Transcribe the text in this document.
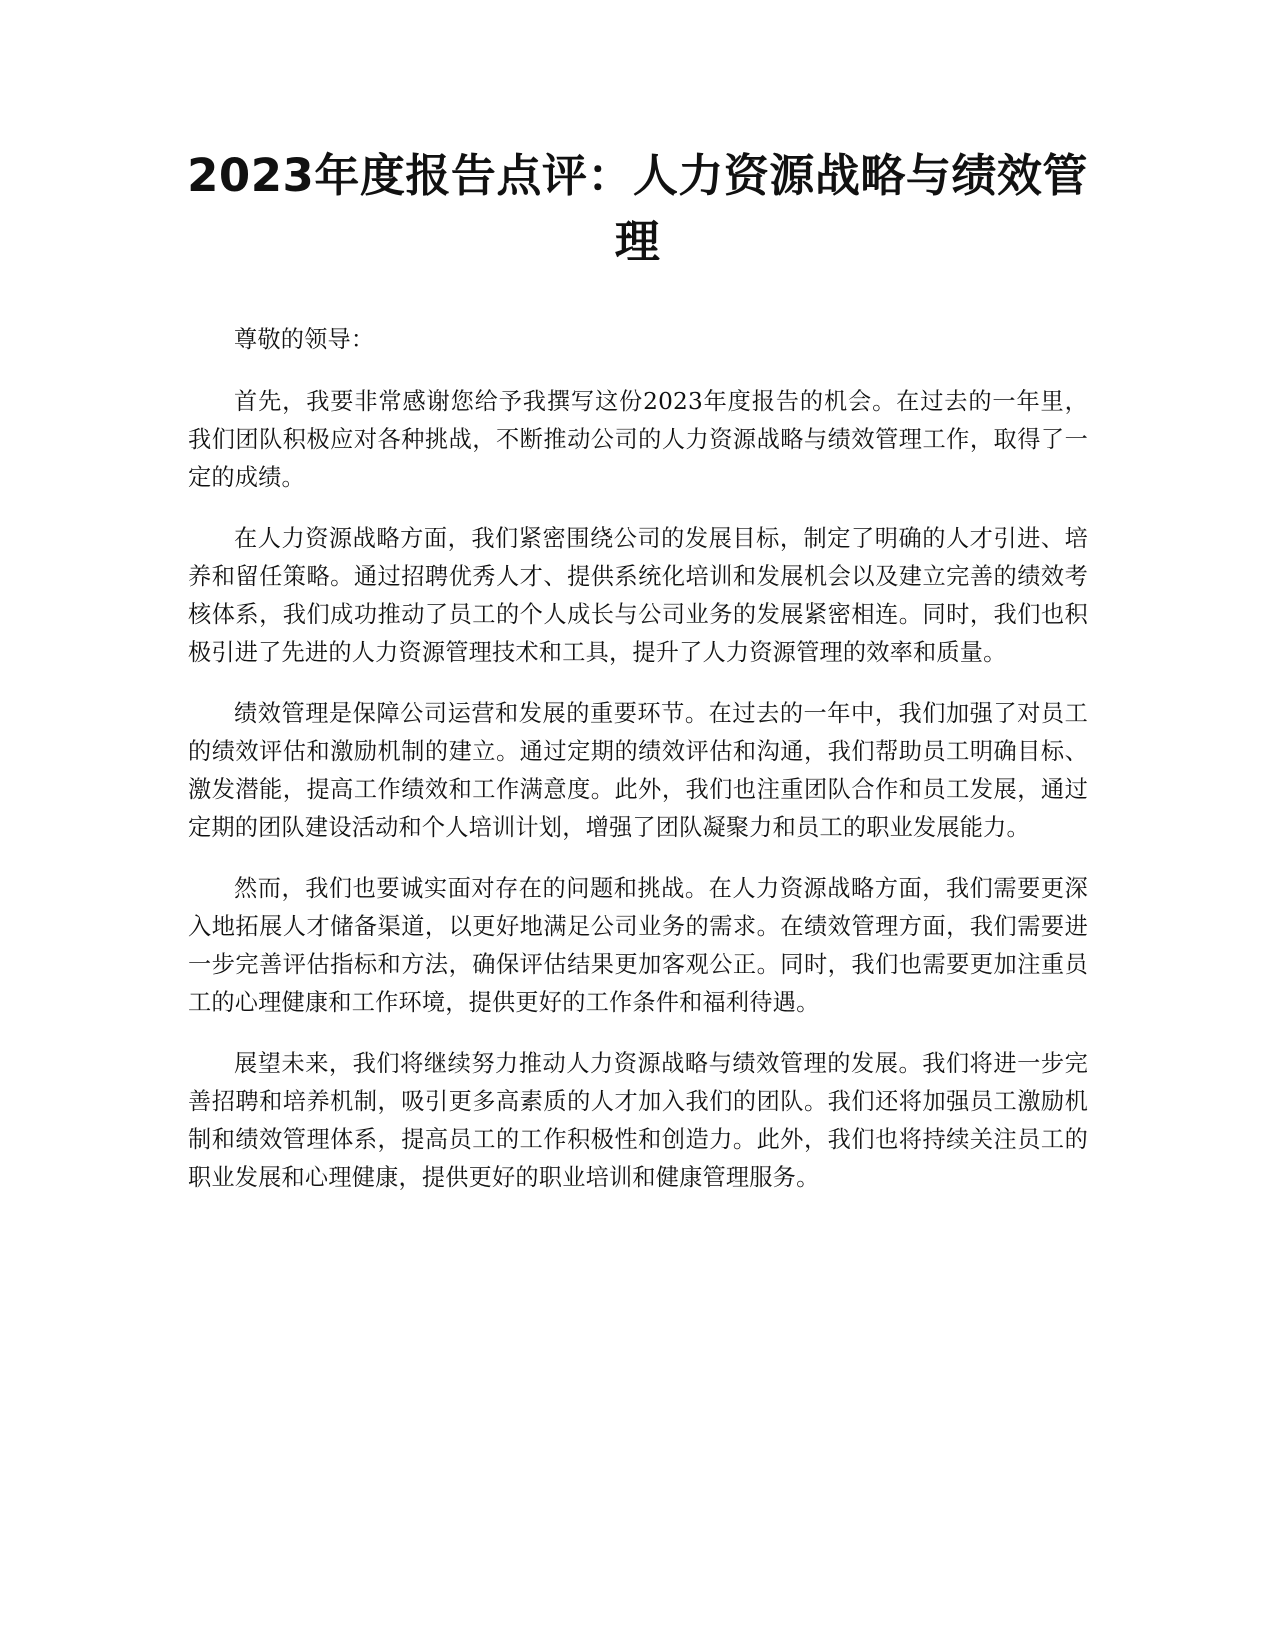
2023年度报告点评：人力资源战略与绩效管理

尊敬的领导：

首先，我要非常感谢您给予我撰写这份2023年度报告的机会。在过去的一年里，我们团队积极应对各种挑战，不断推动公司的人力资源战略与绩效管理工作，取得了一定的成绩。

在人力资源战略方面，我们紧密围绕公司的发展目标，制定了明确的人才引进、培养和留任策略。通过招聘优秀人才、提供系统化培训和发展机会以及建立完善的绩效考核体系，我们成功推动了员工的个人成长与公司业务的发展紧密相连。同时，我们也积极引进了先进的人力资源管理技术和工具，提升了人力资源管理的效率和质量。

绩效管理是保障公司运营和发展的重要环节。在过去的一年中，我们加强了对员工的绩效评估和激励机制的建立。通过定期的绩效评估和沟通，我们帮助员工明确目标、激发潜能，提高工作绩效和工作满意度。此外，我们也注重团队合作和员工发展，通过定期的团队建设活动和个人培训计划，增强了团队凝聚力和员工的职业发展能力。

然而，我们也要诚实面对存在的问题和挑战。在人力资源战略方面，我们需要更深入地拓展人才储备渠道，以更好地满足公司业务的需求。在绩效管理方面，我们需要进一步完善评估指标和方法，确保评估结果更加客观公正。同时，我们也需要更加注重员工的心理健康和工作环境，提供更好的工作条件和福利待遇。

展望未来，我们将继续努力推动人力资源战略与绩效管理的发展。我们将进一步完善招聘和培养机制，吸引更多高素质的人才加入我们的团队。我们还将加强员工激励机制和绩效管理体系，提高员工的工作积极性和创造力。此外，我们也将持续关注员工的职业发展和心理健康，提供更好的职业培训和健康管理服务。
